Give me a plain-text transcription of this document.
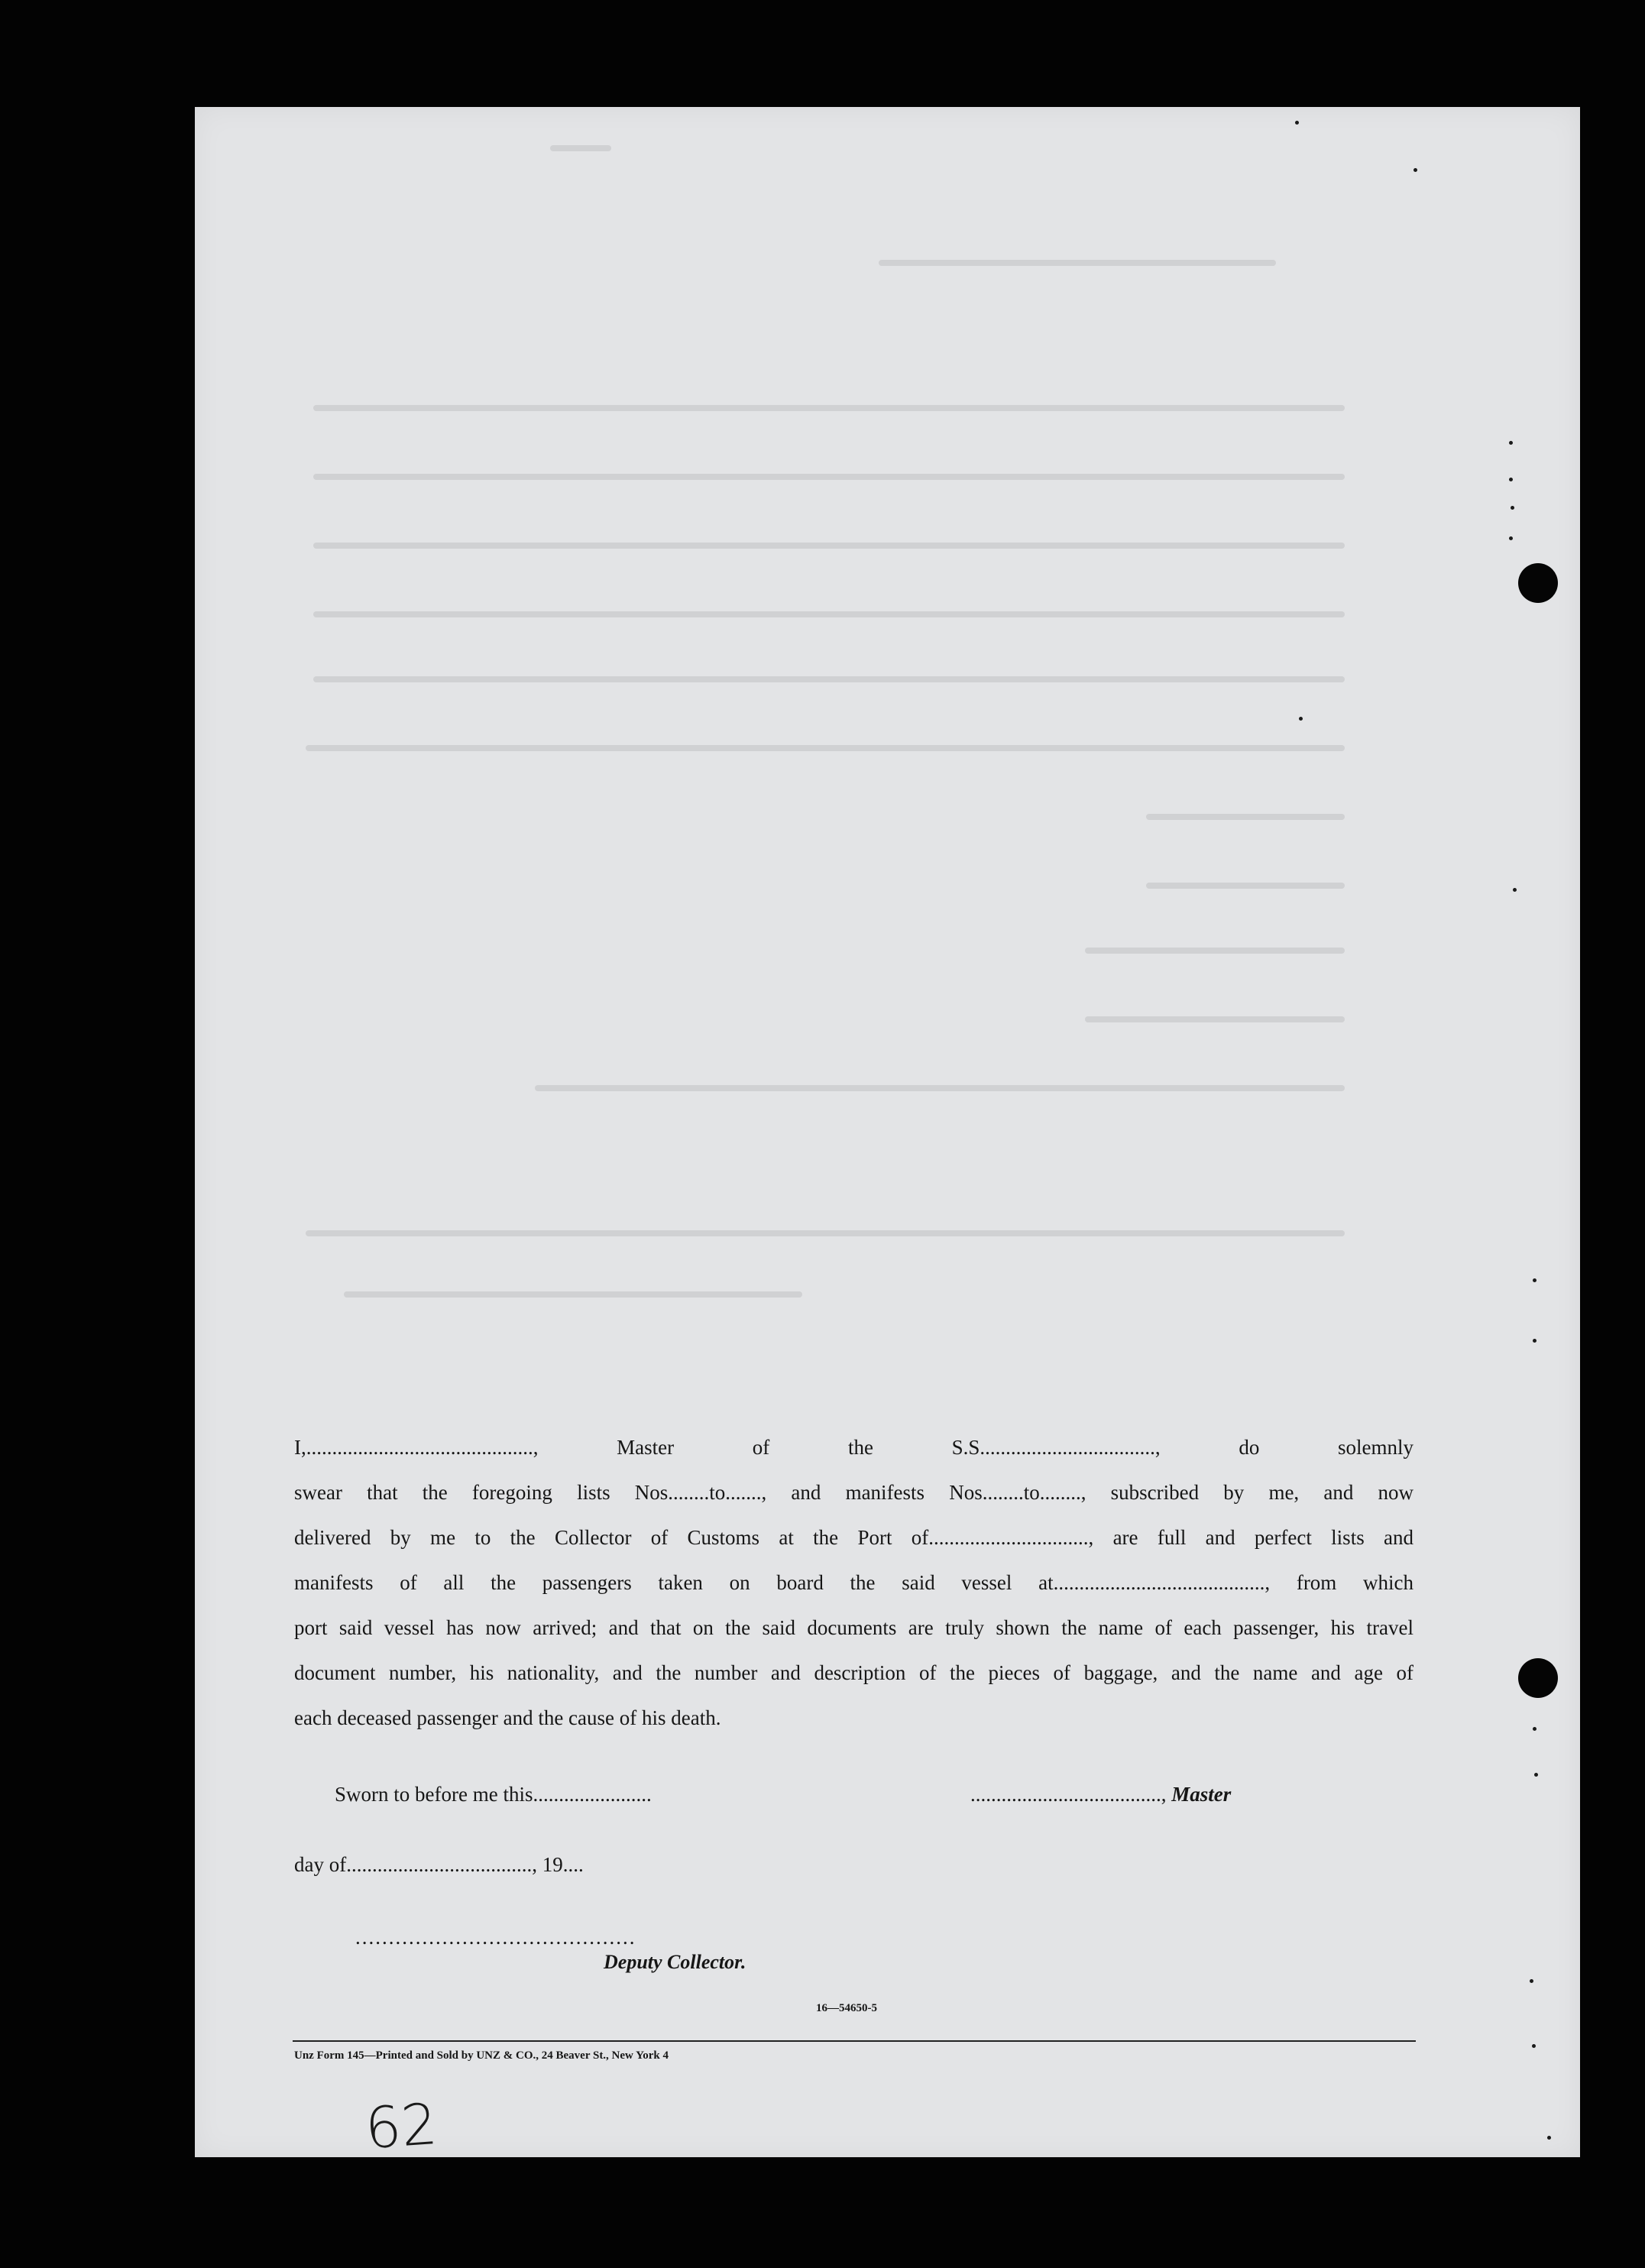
I,............................................, Master of the S.S.................................., do solemnly

swear that the foregoing lists Nos........to......., and manifests Nos........to........, subscribed by me, and now

delivered by me to the Collector of Customs at the Port of..............................., are full and perfect lists and

manifests of all the passengers taken on board the said vessel at........................................., from which

port said vessel has now arrived; and that on the said documents are truly shown the name of each passenger, his travel

document number, his nationality, and the number and description of the pieces of baggage, and the name and age of

each deceased passenger and the cause of his death.

Sworn to before me this.......................	....................................., Master
day of...................................., 19....
..........................................
Deputy Collector.
16—54650-5
Unz Form 145—Printed and Sold by UNZ & CO., 24 Beaver St., New York 4
62
